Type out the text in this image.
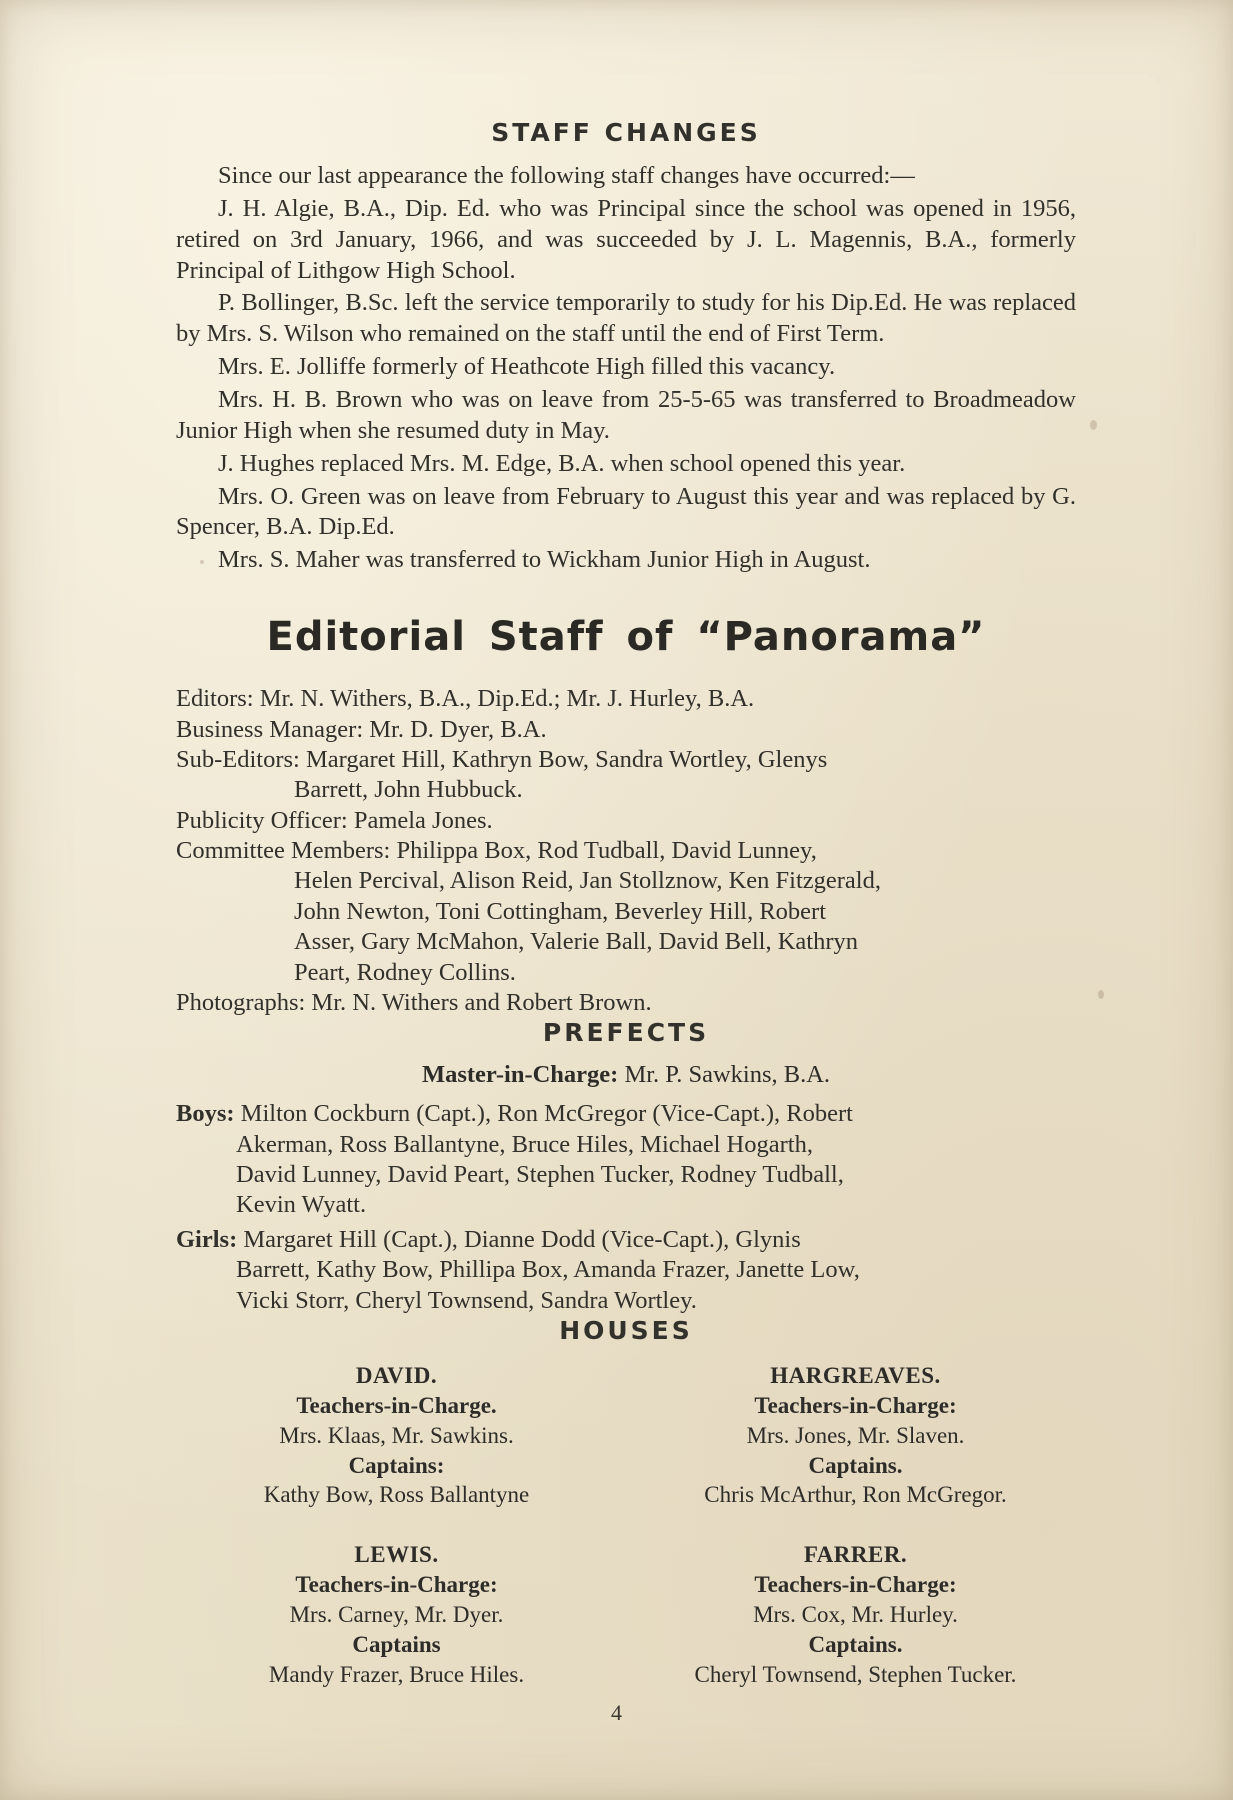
STAFF CHANGES

Since our last appearance the following staff changes have occurred:—

J. H. Algie, B.A., Dip. Ed. who was Principal since the school was opened in 1956, retired on 3rd January, 1966, and was succeeded by J. L. Magennis, B.A., formerly Principal of Lithgow High School.

P. Bollinger, B.Sc. left the service temporarily to study for his Dip.Ed. He was replaced by Mrs. S. Wilson who remained on the staff until the end of First Term.

Mrs. E. Jolliffe formerly of Heathcote High filled this vacancy.

Mrs. H. B. Brown who was on leave from 25-5-65 was transferred to Broadmeadow Junior High when she resumed duty in May.

J. Hughes replaced Mrs. M. Edge, B.A. when school opened this year.

Mrs. O. Green was on leave from February to August this year and was replaced by G. Spencer, B.A. Dip.Ed.

Mrs. S. Maher was transferred to Wickham Junior High in August.

Editorial Staff of “Panorama”
Editors: Mr. N. Withers, B.A., Dip.Ed.; Mr. J. Hurley, B.A.
Business Manager: Mr. D. Dyer, B.A.
Sub-Editors: Margaret Hill, Kathryn Bow, Sandra Wortley, Glenys
Barrett, John Hubbuck.
Publicity Officer: Pamela Jones.
Committee Members: Philippa Box, Rod Tudball, David Lunney,
Helen Percival, Alison Reid, Jan Stollznow, Ken Fitzgerald,
John Newton, Toni Cottingham, Beverley Hill, Robert
Asser, Gary McMahon, Valerie Ball, David Bell, Kathryn
Peart, Rodney Collins.
Photographs: Mr. N. Withers and Robert Brown.
PREFECTS

Master-in-Charge: Mr. P. Sawkins, B.A.

Boys: Milton Cockburn (Capt.), Ron McGregor (Vice-Capt.), Robert
Akerman, Ross Ballantyne, Bruce Hiles, Michael Hogarth,
David Lunney, David Peart, Stephen Tucker, Rodney Tudball,
Kevin Wyatt.
Girls: Margaret Hill (Capt.), Dianne Dodd (Vice-Capt.), Glynis
Barrett, Kathy Bow, Phillipa Box, Amanda Frazer, Janette Low,
Vicki Storr, Cheryl Townsend, Sandra Wortley.
HOUSES
DAVID.
Teachers-in-Charge.
Mrs. Klaas, Mr. Sawkins.
Captains:
Kathy Bow, Ross Ballantyne
HARGREAVES.
Teachers-in-Charge:
Mrs. Jones, Mr. Slaven.
Captains.
Chris McArthur, Ron McGregor.
LEWIS.
Teachers-in-Charge:
Mrs. Carney, Mr. Dyer.
Captains
Mandy Frazer, Bruce Hiles.
FARRER.
Teachers-in-Charge:
Mrs. Cox, Mr. Hurley.
Captains.
Cheryl Townsend, Stephen Tucker.
4
